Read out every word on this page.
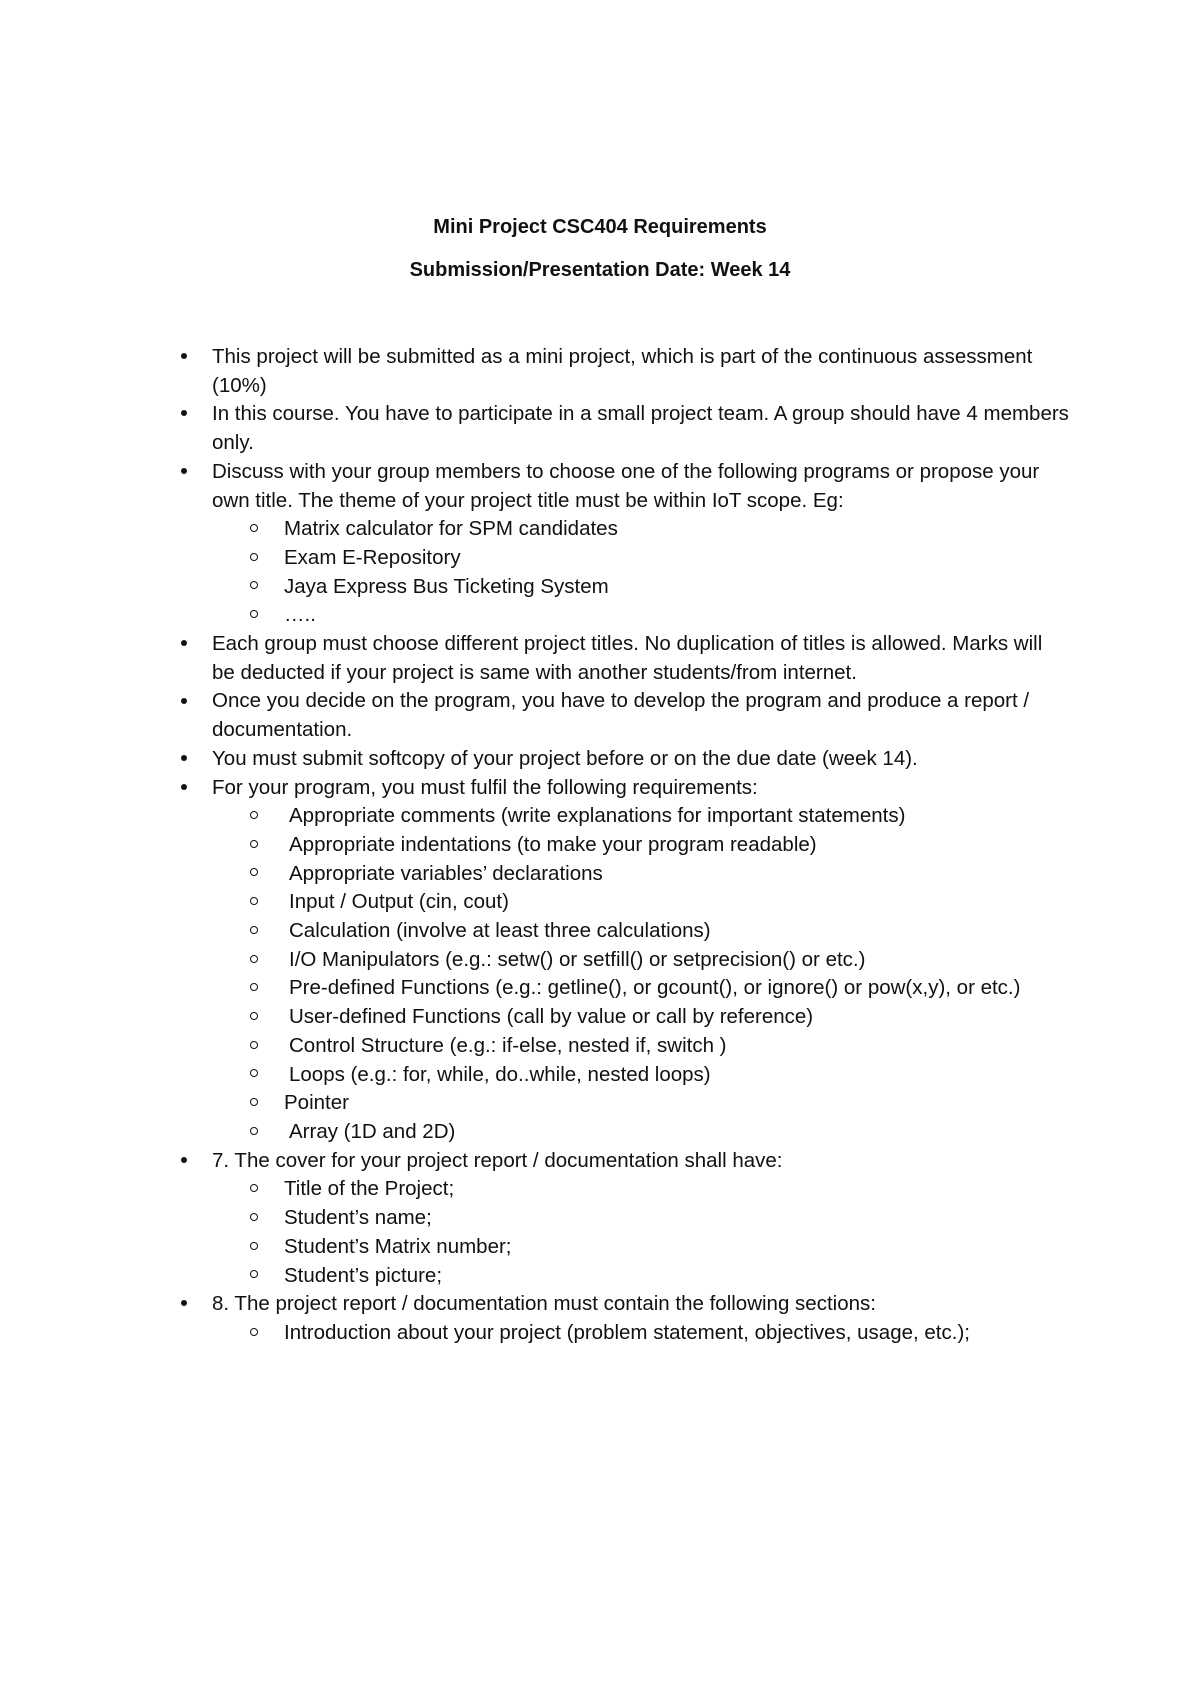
Mini Project CSC404 Requirements
Submission/Presentation Date: Week 14
This project will be submitted as a mini project, which is part of the continuous assessment (10%)
In this course. You have to participate in a small project team. A group should have 4 members only.
Discuss with your group members to choose one of the following programs or propose your own title. The theme of your project title must be within IoT scope. Eg:
Matrix calculator for SPM candidates
Exam E-Repository
Jaya Express Bus Ticketing System
…..
Each group must choose different project titles. No duplication of titles is allowed. Marks will be deducted if your project is same with another students/from internet.
Once you decide on the program, you have to develop the program and produce a report / documentation.
You must submit softcopy of your project before or on the due date (week 14).
For your program, you must fulfil the following requirements:
Appropriate comments (write explanations for important statements)
Appropriate indentations (to make your program readable)
Appropriate variables’ declarations
Input / Output (cin, cout)
Calculation (involve at least three calculations)
I/O Manipulators (e.g.: setw() or setfill() or setprecision() or etc.)
Pre-defined Functions (e.g.: getline(), or gcount(), or ignore() or pow(x,y), or etc.)
User-defined Functions (call by value or call by reference)
Control Structure (e.g.: if-else, nested if, switch )
Loops (e.g.: for, while, do..while, nested loops)
Pointer
Array (1D and 2D)
7. The cover for your project report / documentation shall have:
Title of the Project;
Student’s name;
Student’s Matrix number;
Student’s picture;
8. The project report / documentation must contain the following sections:
Introduction about your project (problem statement, objectives, usage, etc.);
